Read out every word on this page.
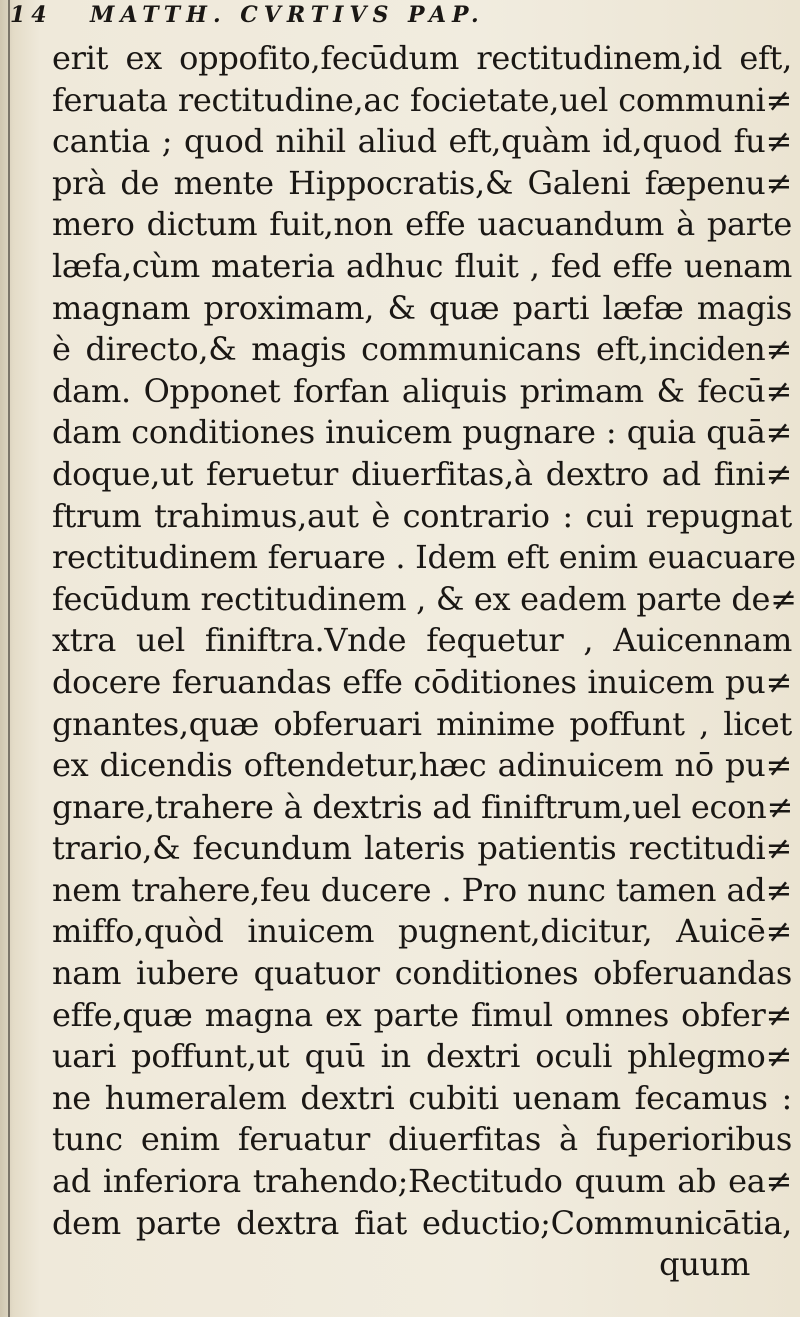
14 MATTH. CVRTIVS PAP.
erit ex oppofito,fecūdum rectitudinem,id eft,
feruata rectitudine,ac focietate,uel communi≠
cantia ; quod nihil aliud eft,quàm id,quod fu≠
prà de mente Hippocratis,& Galeni fæpenu≠
mero dictum fuit,non effe uacuandum à parte
læfa,cùm materia adhuc fluit , fed effe uenam
magnam proximam, & quæ parti læfæ magis
è directo,& magis communicans eft,inciden≠
dam. Opponet forfan aliquis primam & fecū≠
dam conditiones inuicem pugnare : quia quā≠
doque,ut feruetur diuerfitas,à dextro ad fini≠
ftrum trahimus,aut è contrario : cui repugnat
rectitudinem feruare . Idem eft enim euacuare
fecūdum rectitudinem , & ex eadem parte de≠
xtra uel finiftra.Vnde fequetur , Auicennam
docere feruandas effe cōditiones inuicem pu≠
gnantes,quæ obferuari minime poffunt , licet
ex dicendis oftendetur,hæc adinuicem nō pu≠
gnare,trahere à dextris ad finiftrum,uel econ≠
trario,& fecundum lateris patientis rectitudi≠
nem trahere,feu ducere . Pro nunc tamen ad≠
miffo,quòd inuicem pugnent,dicitur, Auicē≠
nam iubere quatuor conditiones obferuandas
effe,quæ magna ex parte fimul omnes obfer≠
uari poffunt,ut quū in dextri oculi phlegmo≠
ne humeralem dextri cubiti uenam fecamus :
tunc enim feruatur diuerfitas à fuperioribus
ad inferiora trahendo;Rectitudo quum ab ea≠
dem parte dextra fiat eductio;Communicātia,
quum
